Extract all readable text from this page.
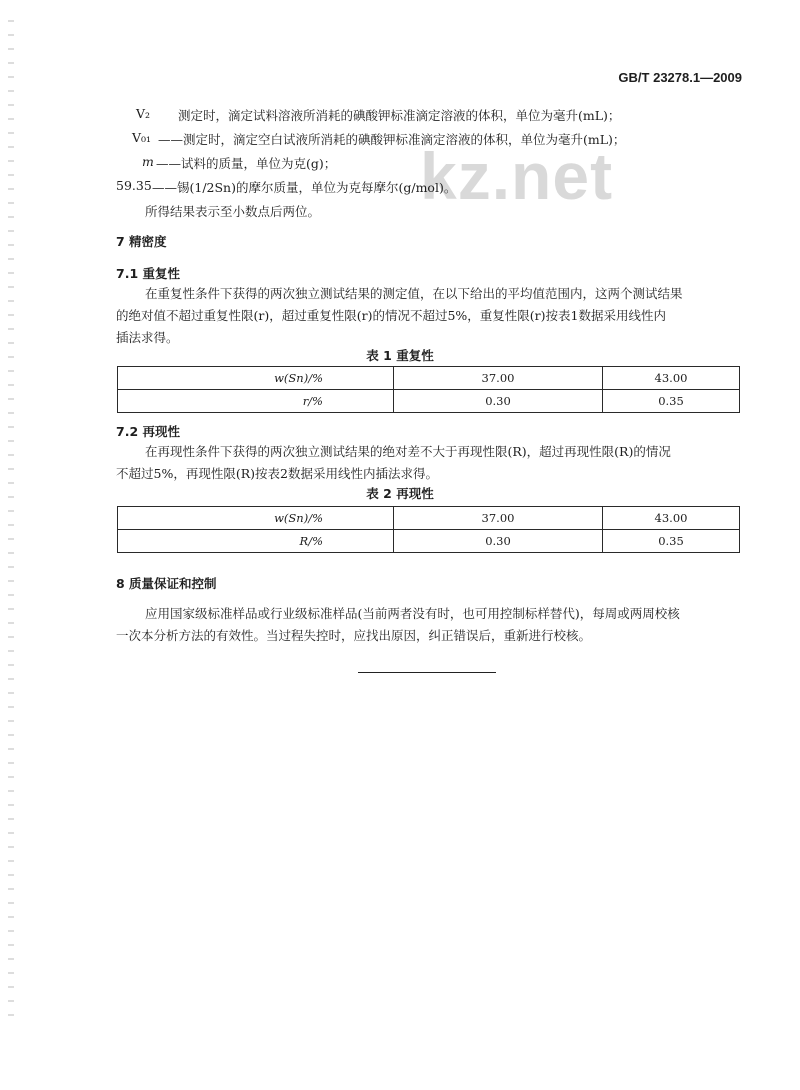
kz.net
GB/T 23278.1—2009
V₂ 测定时，滴定试料溶液所消耗的碘酸钾标准滴定溶液的体积，单位为毫升(mL)；
V₀₁ ——测定时，滴定空白试液所消耗的碘酸钾标准滴定溶液的体积，单位为毫升(mL)；
m ——试料的质量，单位为克(g)；
59.35 ——锡(1/2Sn)的摩尔质量，单位为克每摩尔(g/mol)。
所得结果表示至小数点后两位。
7 精密度
7.1 重复性
在重复性条件下获得的两次独立测试结果的测定值，在以下给出的平均值范围内，这两个测试结果
的绝对值不超过重复性限(r)，超过重复性限(r)的情况不超过5%，重复性限(r)按表1数据采用线性内
插法求得。
表 1 重复性
w(Sn)/%	37.00	43.00
r/%	0.30	0.35
7.2 再现性
在再现性条件下获得的两次独立测试结果的绝对差不大于再现性限(R)，超过再现性限(R)的情况
不超过5%，再现性限(R)按表2数据采用线性内插法求得。
表 2 再现性
w(Sn)/%	37.00	43.00
R/%	0.30	0.35
8 质量保证和控制
应用国家级标准样品或行业级标准样品(当前两者没有时，也可用控制标样替代)，每周或两周校核
一次本分析方法的有效性。当过程失控时，应找出原因，纠正错误后，重新进行校核。
